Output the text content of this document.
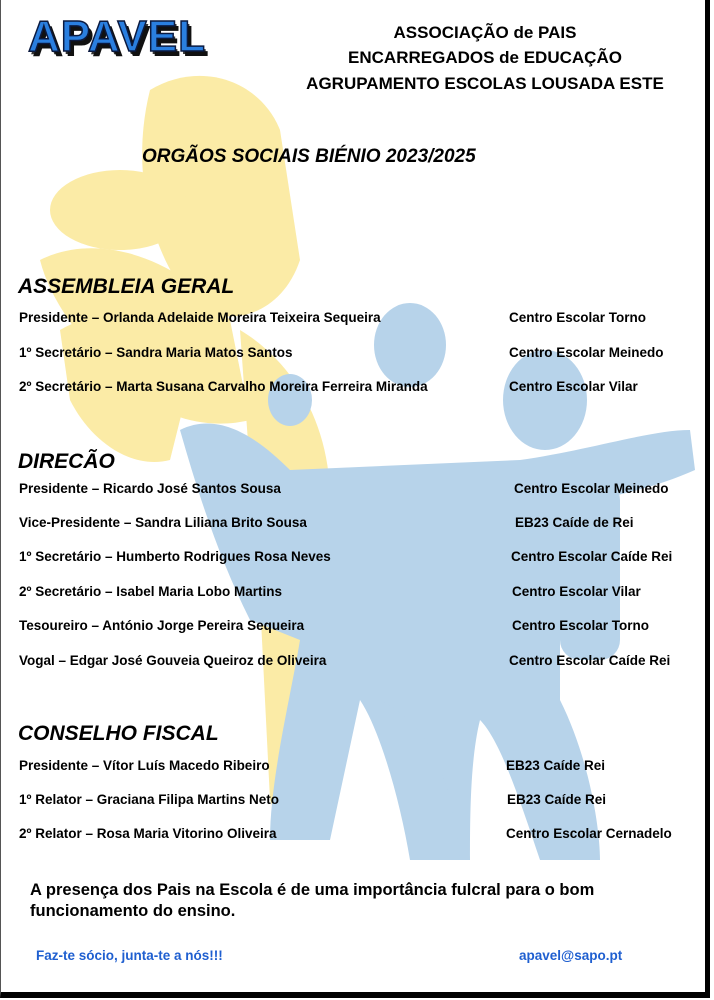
APAVEL	ASSOCIAÇÃO de PAIS
ENCARREGADOS de EDUCAÇÃO
AGRUPAMENTO ESCOLAS LOUSADA ESTE
ORGÃOS SOCIAIS BIÉNIO 2023/2025
ASSEMBLEIA GERAL
Presidente – Orlanda Adelaide Moreira Teixeira Sequeira	Centro Escolar Torno
1º Secretário – Sandra Maria Matos Santos	Centro Escolar Meinedo
2º Secretário – Marta Susana Carvalho Moreira Ferreira Miranda	Centro Escolar Vilar
DIRECÃO
Presidente – Ricardo José Santos Sousa	Centro Escolar Meinedo
Vice-Presidente – Sandra Liliana Brito Sousa	EB23 Caíde de Rei
1º Secretário – Humberto Rodrigues Rosa Neves	Centro Escolar Caíde Rei
2º Secretário – Isabel Maria Lobo Martins	Centro Escolar Vilar
Tesoureiro – António Jorge Pereira Sequeira	Centro Escolar Torno
Vogal – Edgar José Gouveia Queiroz de Oliveira	Centro Escolar Caíde Rei
CONSELHO FISCAL
Presidente – Vítor Luís Macedo Ribeiro	EB23 Caíde Rei
1º Relator – Graciana Filipa Martins Neto	EB23 Caíde Rei
2º Relator – Rosa Maria Vitorino Oliveira	Centro Escolar Cernadelo
A presença dos Pais na Escola é de uma importância fulcral para o bom funcionamento do ensino.
Faz-te sócio, junta-te a nós!!!	apavel@sapo.pt
